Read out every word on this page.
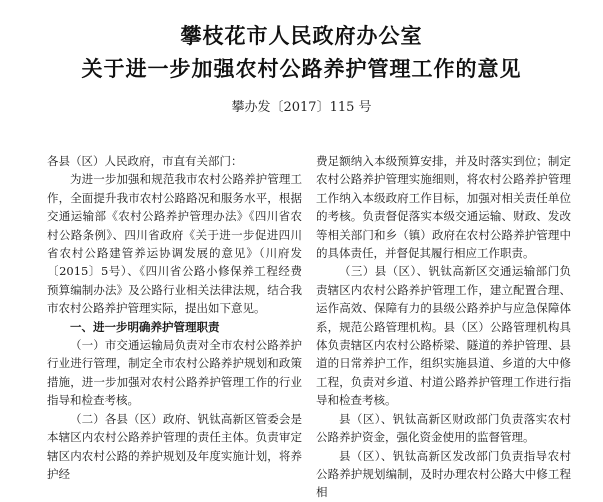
攀枝花市人民政府办公室
关于进一步加强农村公路养护管理工作的意见
攀办发〔2017〕115 号

各县（区）人民政府，市直有关部门：

为进一步加强和规范我市农村公路养护管理工作，全面提升我市农村公路路况和服务水平，根据交通运输部《农村公路养护管理办法》《四川省农村公路条例》、四川省政府《关于进一步促进四川省农村公路建管养运协调发展的意见》（川府发〔2015〕5号）、《四川省公路小修保养工程经费预算编制办法》及公路行业相关法律法规，结合我市农村公路养护管理实际，提出如下意见。

一、进一步明确养护管理职责

（一）市交通运输局负责对全市农村公路养护行业进行管理，制定全市农村公路养护规划和政策措施，进一步加强对农村公路养护管理工作的行业指导和检查考核。

（二）各县（区）政府、钒钛高新区管委会是本辖区内农村公路养护管理的责任主体。负责审定辖区内农村公路的养护规划及年度实施计划，将养护经

费足额纳入本级预算安排，并及时落实到位；制定农村公路养护管理实施细则，将农村公路养护管理工作纳入本级政府工作目标，加强对相关责任单位的考核。负责督促落实本级交通运输、财政、发改等相关部门和乡（镇）政府在农村公路养护管理中的具体责任，并督促其履行相应工作职责。

（三）县（区）、钒钛高新区交通运输部门负责辖区内农村公路养护管理工作，建立配置合理、运作高效、保障有力的县级公路养护与应急保障体系，规范公路管理机构。县（区）公路管理机构具体负责辖区内农村公路桥梁、隧道的养护管理、县道的日常养护工作，组织实施县道、乡道的大中修工程，负责对乡道、村道公路养护管理工作进行指导和检查考核。

县（区）、钒钛高新区财政部门负责落实农村公路养护资金，强化资金使用的监督管理。

县（区）、钒钛高新区发改部门负责指导农村公路养护规划编制，及时办理农村公路大中修工程相
